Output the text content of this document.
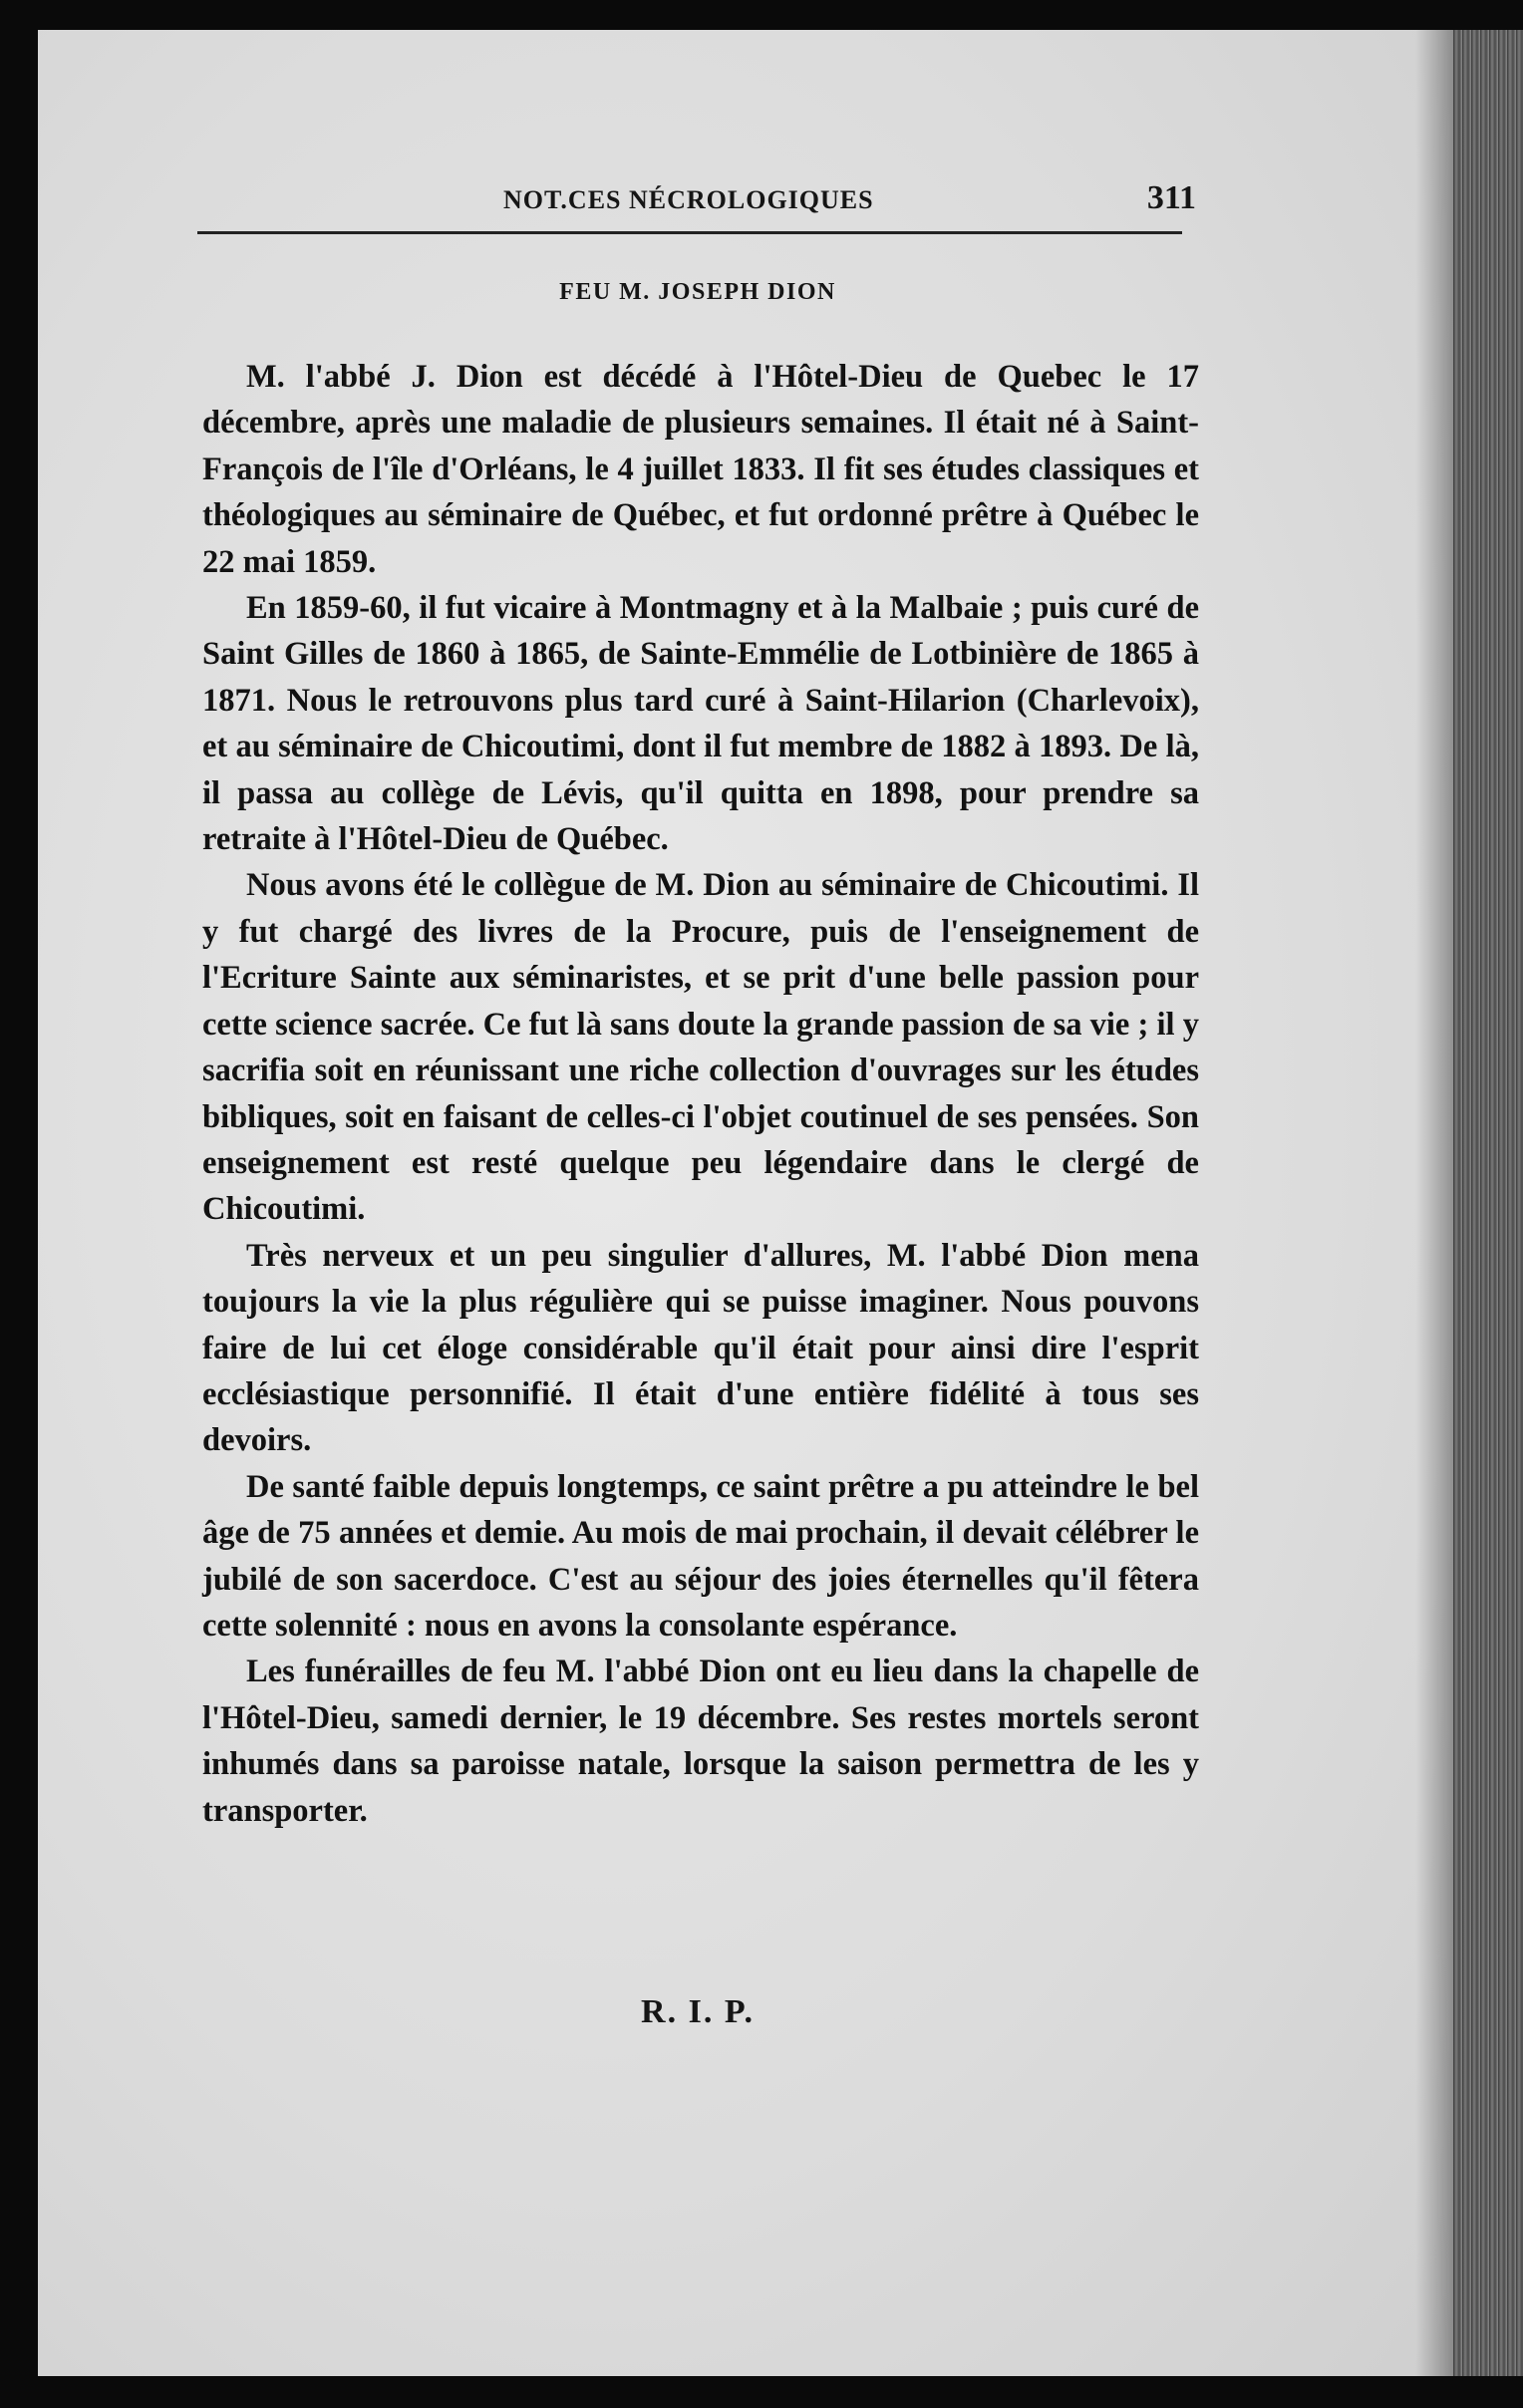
NOT.CES NÉCROLOGIQUES	311
FEU M. JOSEPH DION

M. l'abbé J. Dion est décédé à l'Hôtel-Dieu de Quebec le 17 décembre, après une maladie de plusieurs semaines. Il était né à Saint-François de l'île d'Orléans, le 4 juillet 1833. Il fit ses études classiques et théologiques au séminaire de Québec, et fut ordonné prêtre à Québec le 22 mai 1859.

En 1859-60, il fut vicaire à Montmagny et à la Malbaie ; puis curé de Saint Gilles de 1860 à 1865, de Sainte-Emmélie de Lotbinière de 1865 à 1871. Nous le retrouvons plus tard curé à Saint-Hilarion (Charlevoix), et au séminaire de Chicoutimi, dont il fut membre de 1882 à 1893. De là, il passa au collège de Lévis, qu'il quitta en 1898, pour prendre sa retraite à l'Hôtel-Dieu de Québec.

Nous avons été le collègue de M. Dion au séminaire de Chicoutimi. Il y fut chargé des livres de la Procure, puis de l'enseignement de l'Ecriture Sainte aux séminaristes, et se prit d'une belle passion pour cette science sacrée. Ce fut là sans doute la grande passion de sa vie ; il y sacrifia soit en réunissant une riche collection d'ouvrages sur les études bibliques, soit en faisant de celles-ci l'objet coutinuel de ses pensées. Son enseignement est resté quelque peu légendaire dans le clergé de Chicoutimi.

Très nerveux et un peu singulier d'allures, M. l'abbé Dion mena toujours la vie la plus régulière qui se puisse imaginer. Nous pouvons faire de lui cet éloge considérable qu'il était pour ainsi dire l'esprit ecclésiastique personnifié. Il était d'une entière fidélité à tous ses devoirs.

De santé faible depuis longtemps, ce saint prêtre a pu atteindre le bel âge de 75 années et demie. Au mois de mai prochain, il devait célébrer le jubilé de son sacerdoce. C'est au séjour des joies éternelles qu'il fêtera cette solennité : nous en avons la consolante espérance.

Les funérailles de feu M. l'abbé Dion ont eu lieu dans la chapelle de l'Hôtel-Dieu, samedi dernier, le 19 décembre. Ses restes mortels seront inhumés dans sa paroisse natale, lorsque la saison permettra de les y transporter.

R. I. P.
